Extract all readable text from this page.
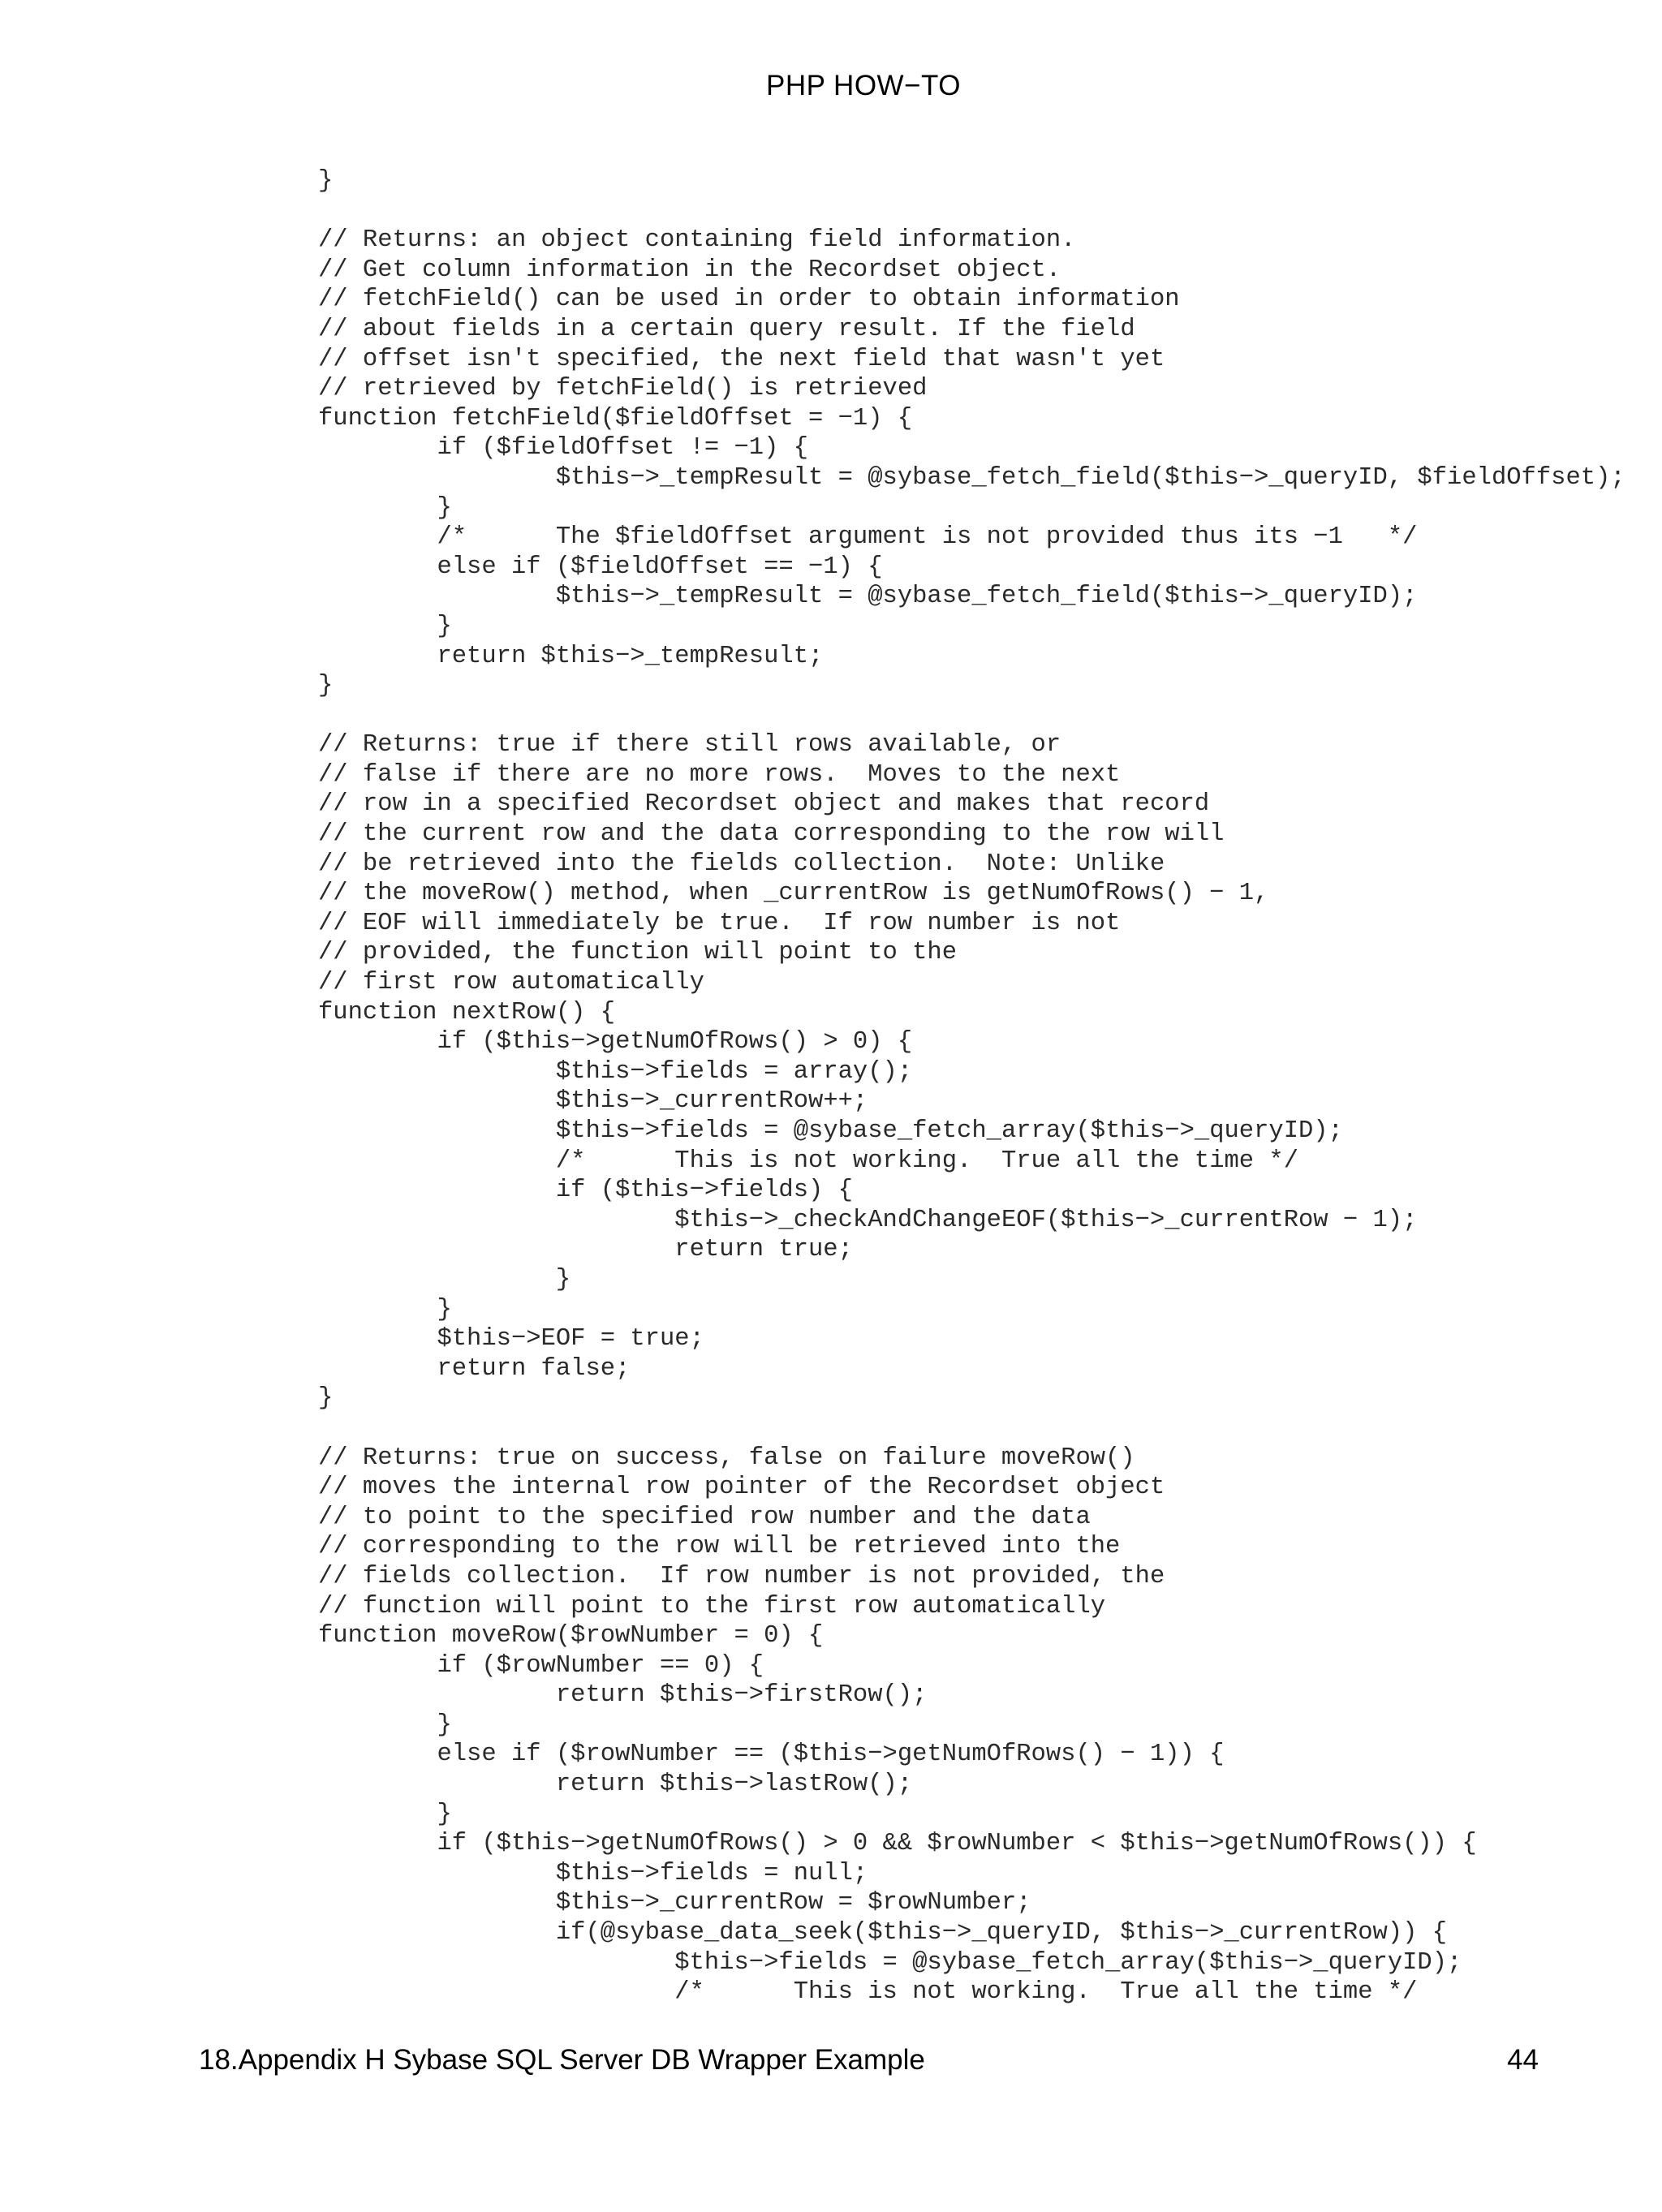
PHP HOW−TO
}
// Returns: an object containing field information.
// Get column information in the Recordset object.
// fetchField() can be used in order to obtain information
// about fields in a certain query result. If the field
// offset isn't specified, the next field that wasn't yet
// retrieved by fetchField() is retrieved
function fetchField($fieldOffset = −1) {
	if ($fieldOffset != −1) {
		$this−>_tempResult = @sybase_fetch_field($this−>_queryID, $fieldOffset);
	}
	/*	The $fieldOffset argument is not provided thus its −1	*/
	else if ($fieldOffset == −1) {
		$this−>_tempResult = @sybase_fetch_field($this−>_queryID);
	}
	return $this−>_tempResult;
}
// Returns: true if there still rows available, or
// false if there are no more rows.  Moves to the next
// row in a specified Recordset object and makes that record
// the current row and the data corresponding to the row will
// be retrieved into the fields collection.  Note: Unlike
// the moveRow() method, when _currentRow is getNumOfRows() − 1,
// EOF will immediately be true.  If row number is not
// provided, the function will point to the
// first row automatically
function nextRow() {
	if ($this−>getNumOfRows() > 0) {
		$this−>fields = array();
		$this−>_currentRow++;
		$this−>fields = @sybase_fetch_array($this−>_queryID);
		/*	This is not working.  True all the time */
		if ($this−>fields) {
			$this−>_checkAndChangeEOF($this−>_currentRow − 1);
			return true;
		}
	}
	$this−>EOF = true;
	return false;
}
// Returns: true on success, false on failure moveRow()
// moves the internal row pointer of the Recordset object
// to point to the specified row number and the data
// corresponding to the row will be retrieved into the
// fields collection.  If row number is not provided, the
// function will point to the first row automatically
function moveRow($rowNumber = 0) {
	if ($rowNumber == 0) {
		return $this−>firstRow();
	}
	else if ($rowNumber == ($this−>getNumOfRows() − 1)) {
		return $this−>lastRow();
	}
	if ($this−>getNumOfRows() > 0 && $rowNumber < $this−>getNumOfRows()) {
		$this−>fields = null;
		$this−>_currentRow = $rowNumber;
		if(@sybase_data_seek($this−>_queryID, $this−>_currentRow)) {
			$this−>fields = @sybase_fetch_array($this−>_queryID);
			/*	This is not working.  True all the time */
18.Appendix H Sybase SQL Server DB Wrapper Example	44
